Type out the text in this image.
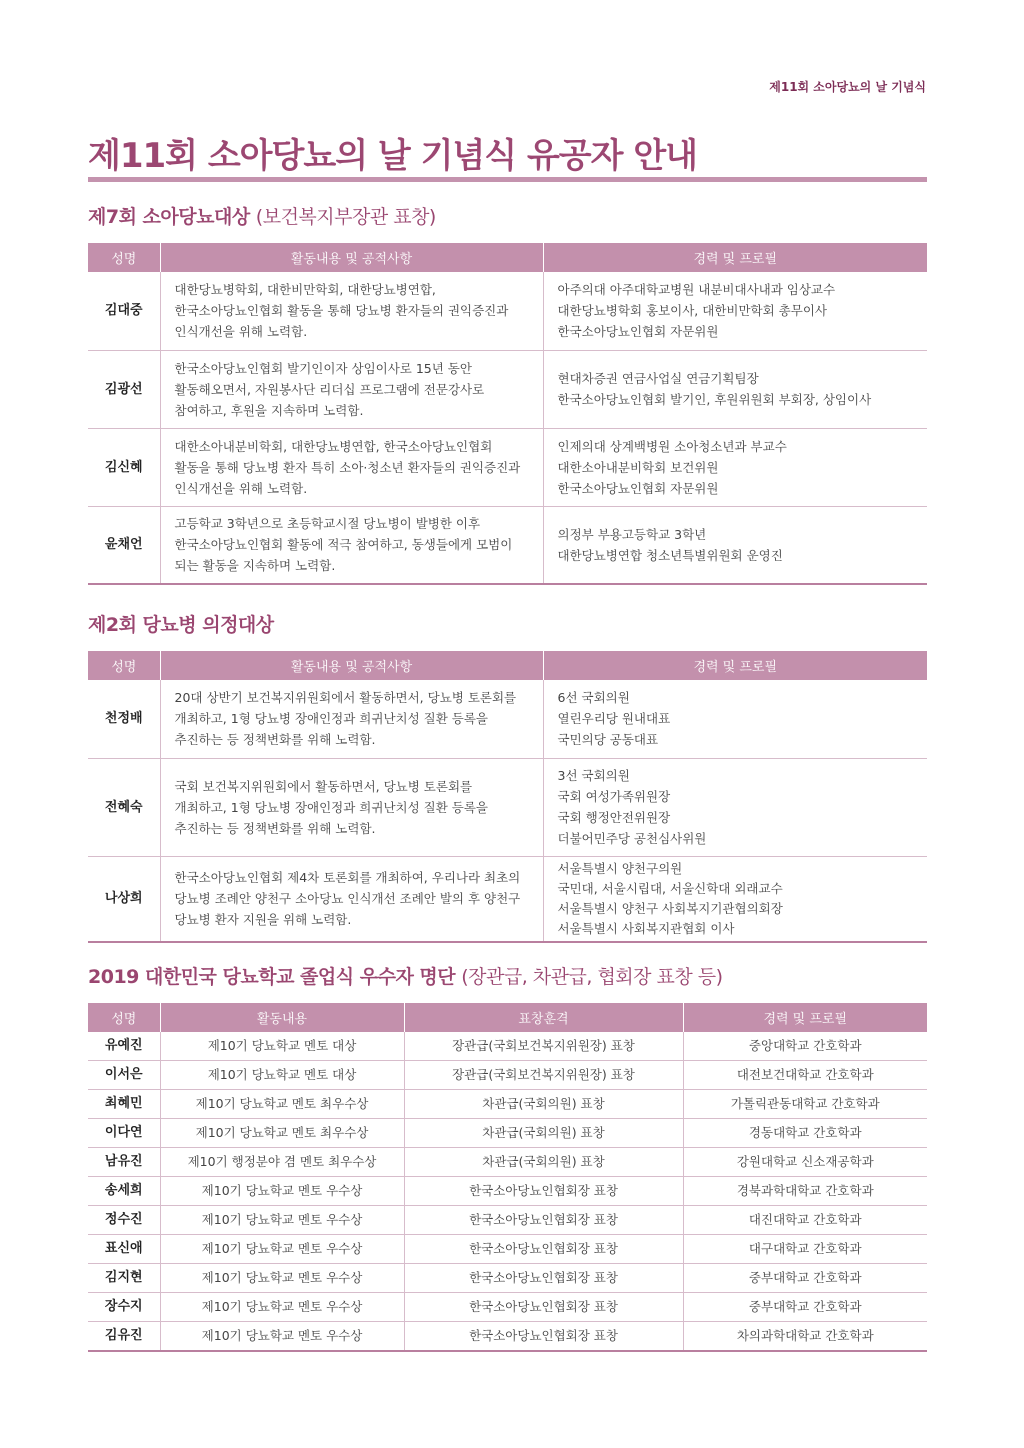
제11회 소아당뇨의 날 기념식
제11회 소아당뇨의 날 기념식 유공자 안내
제7회 소아당뇨대상 (보건복지부장관 표창)
성명	활동내용 및 공적사항	경력 및 프로필
김대중	대한당뇨병학회, 대한비만학회, 대한당뇨병연합,
한국소아당뇨인협회 활동을 통해 당뇨병 환자들의 권익증진과
인식개선을 위해 노력함.	아주의대 아주대학교병원 내분비대사내과 임상교수
대한당뇨병학회 홍보이사, 대한비만학회 총무이사
한국소아당뇨인협회 자문위원

김광선	한국소아당뇨인협회 발기인이자 상임이사로 15년 동안
활동해오면서, 자원봉사단 리더십 프로그램에 전문강사로
참여하고, 후원을 지속하며 노력함.	현대차증권 연금사업실 연금기획팀장
한국소아당뇨인협회 발기인, 후원위원회 부회장, 상임이사

김신혜	대한소아내분비학회, 대한당뇨병연합, 한국소아당뇨인협회
활동을 통해 당뇨병 환자 특히 소아·청소년 환자들의 권익증진과
인식개선을 위해 노력함.	인제의대 상계백병원 소아청소년과 부교수
대한소아내분비학회 보건위원
한국소아당뇨인협회 자문위원

윤채언	고등학교 3학년으로 초등학교시절 당뇨병이 발병한 이후
한국소아당뇨인협회 활동에 적극 참여하고, 동생들에게 모범이
되는 활동을 지속하며 노력함.	의정부 부용고등학교 3학년
대한당뇨병연합 청소년특별위원회 운영진
제2회 당뇨병 의정대상
성명	활동내용 및 공적사항	경력 및 프로필
천정배	20대 상반기 보건복지위원회에서 활동하면서, 당뇨병 토론회를
개최하고, 1형 당뇨병 장애인정과 희귀난치성 질환 등록을
추진하는 등 정책변화를 위해 노력함.	6선 국회의원
열린우리당 원내대표
국민의당 공동대표

전혜숙	국회 보건복지위원회에서 활동하면서, 당뇨병 토론회를
개최하고, 1형 당뇨병 장애인정과 희귀난치성 질환 등록을
추진하는 등 정책변화를 위해 노력함.	3선 국회의원
국회 여성가족위원장
국회 행정안전위원장
더불어민주당 공천심사위원

나상희	한국소아당뇨인협회 제4차 토론회를 개최하여, 우리나라 최초의
당뇨병 조례안 양천구 소아당뇨 인식개선 조례안 발의 후 양천구
당뇨병 환자 지원을 위해 노력함.	서울특별시 양천구의원
국민대, 서울시립대, 서울신학대 외래교수
서울특별시 양천구 사회복지기관협의회장
서울특별시 사회복지관협회 이사
2019 대한민국 당뇨학교 졸업식 우수자 명단 (장관급, 차관급, 협회장 표창 등)
성명	활동내용	표창훈격	경력 및 프로필
유예진	제10기 당뇨학교 멘토 대상	장관급(국회보건복지위원장) 표창	중앙대학교 간호학과
이서은	제10기 당뇨학교 멘토 대상	장관급(국회보건복지위원장) 표창	대전보건대학교 간호학과
최혜민	제10기 당뇨학교 멘토 최우수상	차관급(국회의원) 표창	가톨릭관동대학교 간호학과
이다연	제10기 당뇨학교 멘토 최우수상	차관급(국회의원) 표창	경동대학교 간호학과
남유진	제10기 행정분야 겸 멘토 최우수상	차관급(국회의원) 표창	강원대학교 신소재공학과
송세희	제10기 당뇨학교 멘토 우수상	한국소아당뇨인협회장 표창	경북과학대학교 간호학과
정수진	제10기 당뇨학교 멘토 우수상	한국소아당뇨인협회장 표창	대진대학교 간호학과
표신애	제10기 당뇨학교 멘토 우수상	한국소아당뇨인협회장 표창	대구대학교 간호학과
김지현	제10기 당뇨학교 멘토 우수상	한국소아당뇨인협회장 표창	중부대학교 간호학과
장수지	제10기 당뇨학교 멘토 우수상	한국소아당뇨인협회장 표창	중부대학교 간호학과
김유진	제10기 당뇨학교 멘토 우수상	한국소아당뇨인협회장 표창	차의과학대학교 간호학과
